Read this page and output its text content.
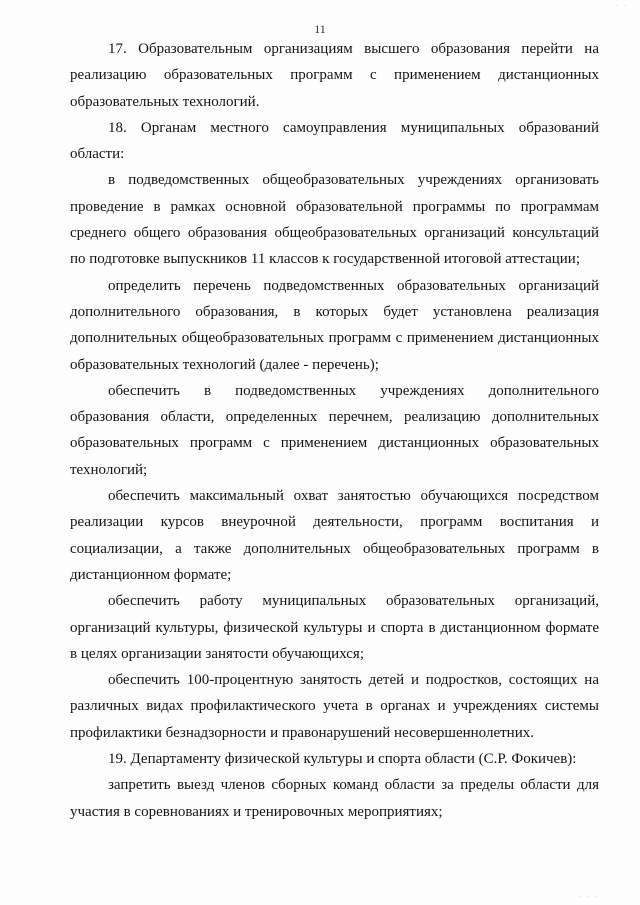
· · ·
11

17. Образовательным организациям высшего образования перейти на реализацию образовательных программ с применением дистанционных образовательных технологий.

18. Органам местного самоуправления муниципальных образований области:

в подведомственных общеобразовательных учреждениях организовать проведение в рамках основной образовательной программы по программам среднего общего образования общеобразовательных организаций консультаций по подготовке выпускников 11 классов к государственной итоговой аттестации;

определить перечень подведомственных образовательных организаций дополнительного образования, в которых будет установлена реализация дополнительных общеобразовательных программ с применением дистанционных образовательных технологий (далее - перечень);

обеспечить в подведомственных учреждениях дополнительного образования области, определенных перечнем, реализацию дополнительных образовательных программ с применением дистанционных образовательных технологий;

обеспечить максимальный охват занятостью обучающихся посредством реализации курсов внеурочной деятельности, программ воспитания и социализации, а также дополнительных общеобразовательных программ в дистанционном формате;

обеспечить работу муниципальных образовательных организаций, организаций культуры, физической культуры и спорта в дистанционном формате в целях организации занятости обучающихся;

обеспечить 100-процентную занятость детей и подростков, состоящих на различных видах профилактического учета в органах и учреждениях системы профилактики безнадзорности и правонарушений несовершеннолетних.

19. Департаменту физической культуры и спорта области (С.Р. Фокичев):

запретить выезд членов сборных команд области за пределы области для участия в соревнованиях и тренировочных мероприятиях;

· · ·
